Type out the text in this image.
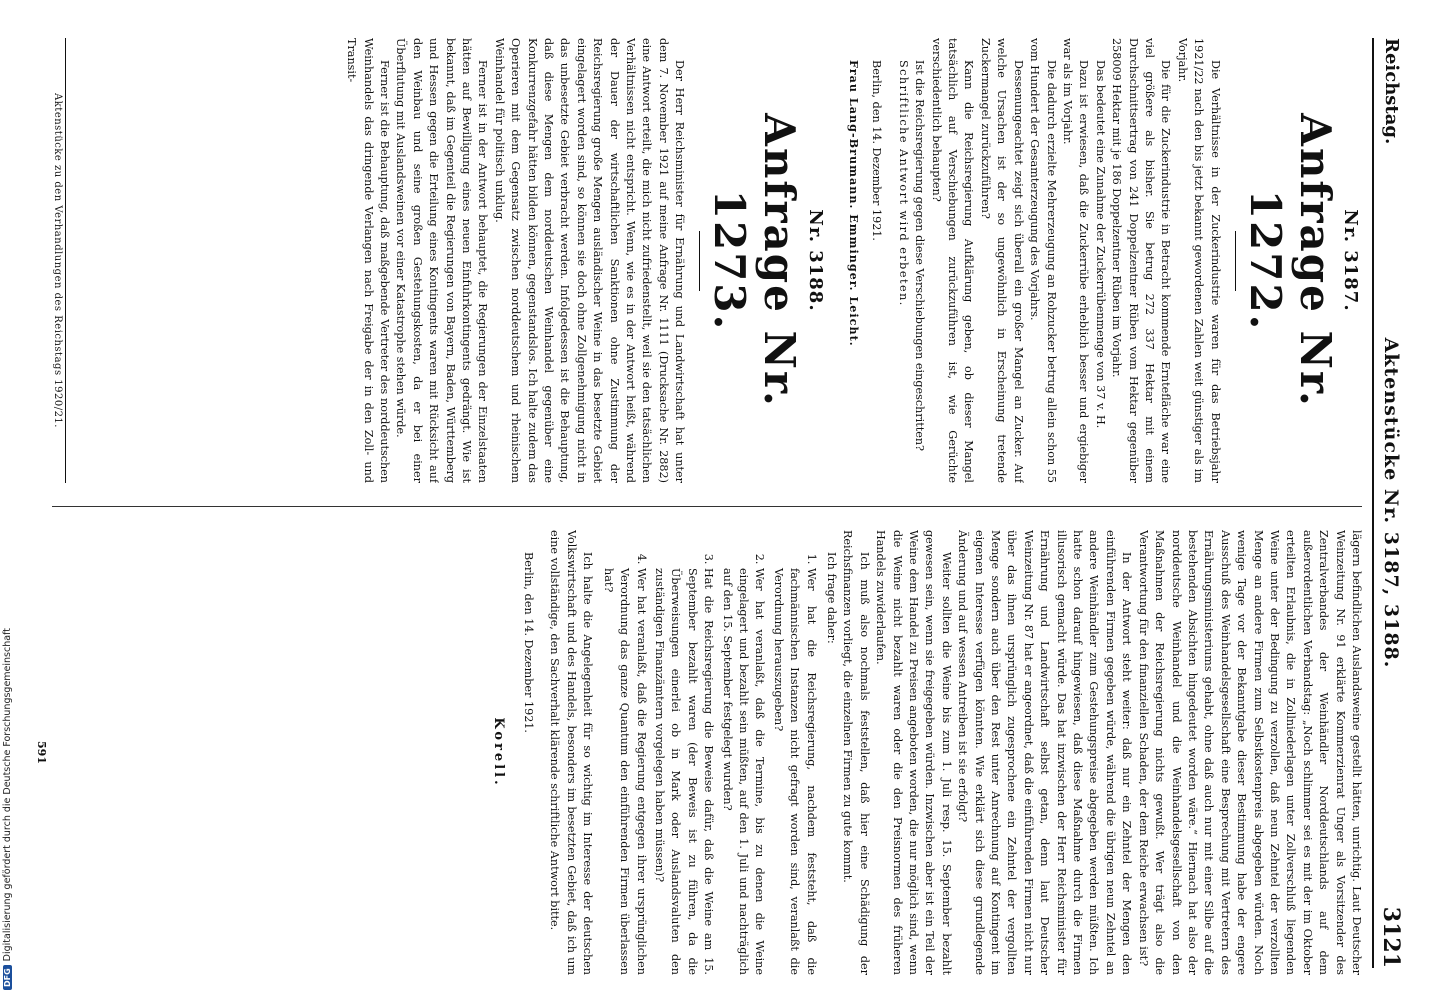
Reichstag.
Aktenstücke Nr. 3187, 3188.
3121
Nr. 3187.
Anfrage Nr. 1272.

Die Verhältnisse in der Zuckerindustrie waren für das Betriebsjahr 1921/22 nach den bis jetzt bekannt gewordenen Zahlen weit günstiger als im Vorjahr.

Die für die Zuckerindustrie in Betracht kommende Erntefläche war eine viel größere als bisher. Sie betrug 272 337 Hektar mit einem Durchschnittsertrag von 241 Doppelzentner Rüben vom Hektar gegenüber 258009 Hektar mit je 186 Doppelzentner Rüben im Vorjahr.

Das bedeutet eine Zunahme der Zuckerrübenmenge von 37 v. H.

Dazu ist erwiesen, daß die Zuckerrübe erheblich besser und ergiebiger war als im Vorjahr.

Die dadurch erzielte Mehrerzeugung an Rohzucker betrug allein schon 55 vom Hundert der Gesamterzeugung des Vorjahrs.

Dessenungeachtet zeigt sich überall ein großer Mangel an Zucker. Auf welche Ursachen ist der so ungewöhnlich in Erscheinung tretende Zuckermangel zurückzuführen?

Kann die Reichsregierung Aufklärung geben, ob dieser Mangel tatsächlich auf Verschiebungen zurückzuführen ist, wie Gerüchte verschiedentlich behaupten?

Ist die Reichsregierung gegen diese Verschiebungen eingeschritten?

Schriftliche Antwort wird erbeten.

Berlin, den 14. Dezember 1921.
Frau Lang-Brumann. Emminger. Leicht.
Nr. 3188.
Anfrage Nr. 1273.

Der Herr Reichsminister für Ernährung und Landwirtschaft hat unter dem 7. November 1921 auf meine Anfrage Nr. 1111 (Drucksache Nr. 2882) eine Antwort erteilt, die mich nicht zufriedenstellt, weil sie den tatsächlichen Verhältnissen nicht entspricht. Wenn, wie es in der Antwort heißt, während der Dauer der wirtschaftlichen Sanktionen ohne Zustimmung der Reichsregierung große Mengen ausländischer Weine in das besetzte Gebiet eingelagert worden sind, so können sie doch ohne Zollgenehmigung nicht in das unbesetzte Gebiet verbracht werden. Infolgedessen ist die Behauptung, daß diese Mengen dem norddeutschen Weinhandel gegenüber eine Konkurrenzgefahr hätten bilden können, gegenstandslos. Ich halte zudem das Operieren mit dem Gegensatz zwischen norddeutschem und rheinischem Weinhandel für politisch unklug.

Ferner ist in der Antwort behauptet, die Regierungen der Einzelstaaten hätten auf Bewilligung eines neuen Einfuhrkontingents gedrängt. Wie ist bekannt, daß im Gegenteil die Regierungen von Bayern, Baden, Württemberg und Hessen gegen die Erteilung eines Kontingents waren mit Rücksicht auf den Weinbau und seine großen Gestehungskosten, da er bei einer Überflutung mit Auslandsweinen vor einer Katastrophe stehen würde.

Ferner ist die Behauptung, daß maßgebende Vertreter des norddeutschen Weinhandels das dringende Verlangen nach Freigabe der in den Zoll- und Transit-

lägern befindlichen Auslandsweine gestellt hätten, unrichtig. Laut Deutscher Weinzeitung Nr. 91 erklärte Kommerzienrat Unger als Vorsitzender des Zentralverbandes der Weinhändler Norddeutschlands auf dem außerordentlichen Verbandstag: „Noch schlimmer sei es mit der im Oktober erteilten Erlaubnis, die in Zollniederlagen unter Zollverschluß liegenden Weine unter der Bedingung zu verzollen, daß neun Zehntel der verzollten Menge an andere Firmen zum Selbstkostenpreis abgegeben würden. Noch wenige Tage vor der Bekanntgabe dieser Bestimmung habe der engere Ausschuß des Weinhandelsgesellschaft eine Besprechung mit Vertretern des Ernährungsministeriums gehabt, ohne daß auch nur mit einer Silbe auf die bestehenden Absichten hingedeutet worden wäre.“ Hiernach hat also der norddeutsche Weinhandel und die Weinhandelsgesellschaft von den Maßnahmen der Reichsregierung nichts gewußt. Wer trägt also die Verantwortung für den finanziellen Schaden, der dem Reiche erwachsen ist?

In der Antwort steht weiter: daß nur ein Zehntel der Mengen den einführenden Firmen gegeben würde, während die übrigen neun Zehntel an andere Weinhändler zum Gestehungspreise abgegeben werden müßten. Ich hatte schon darauf hingewiesen, daß diese Maßnahme durch die Firmen illusorisch gemacht würde. Das hat inzwischen der Herr Reichsminister für Ernährung und Landwirtschaft selbst getan, denn laut Deutscher Weinzeitung Nr. 87 hat er angeordnet, daß die einführenden Firmen nicht nur über das ihnen ursprünglich zugesprochene ein Zehntel der vergollten Menge sondern auch über den Rest unter Anrechnung auf Kontingent im eigenen Interesse verfügen könnten. Wie erklärt sich diese grundlegende Änderung und auf wessen Antreiben ist sie erfolgt?

Weiter sollten die Weine bis zum 1. Juli resp. 15. September bezahlt gewesen sein, wenn sie freigegeben würden. Inzwischen aber ist ein Teil der Weine dem Handel zu Preisen angeboten worden, die nur möglich sind, wenn die Weine nicht bezahlt waren oder die den Preisnormen des früheren Handels zuwiderlaufen.

Ich muß also nochmals feststellen, daß hier eine Schädigung der Reichsfinanzen vorliegt, die einzelnen Firmen zu gute kommt.

Ich frage daher:

1. Wer hat die Reichsregierung, nachdem feststeht, daß die fachmännischen Instanzen nicht gefragt worden sind, veranlaßt die Verordnung herauszugeben?
2. Wer hat veranlaßt, daß die Termine, bis zu denen die Weine eingelagert und bezahlt sein müßten, auf den 1. Juli und nachträglich auf den 15. September festgelegt wurden?
3. Hat die Reichsregierung die Beweise dafür, daß die Weine am 15. September bezahlt waren (der Beweis ist zu führen, da die Überweisungen einerlei ob in Mark oder Auslandsvaluten den zuständigen Finanzämtern vorgelegen haben müssen)?
4. Wer hat veranlaßt, daß die Regierung entgegen ihrer ursprünglichen Verordnung das ganze Quantum den einführenden Firmen überlassen hat?

Ich halte die Angelegenheit für so wichtig im Interesse der deutschen Volkswirtschaft und des Handels, besonders im besetzten Gebiet, daß ich um eine vollständige, den Sachverhalt klärende schriftliche Antwort bitte.

Berlin, den 14. Dezember 1921.
Korell.
Aktenstücke zu den Verhandlungen des Reichstags 1920/21.
591
DFGDigitalisierung gefördert durch die Deutsche Forschungsgemeinschaft
